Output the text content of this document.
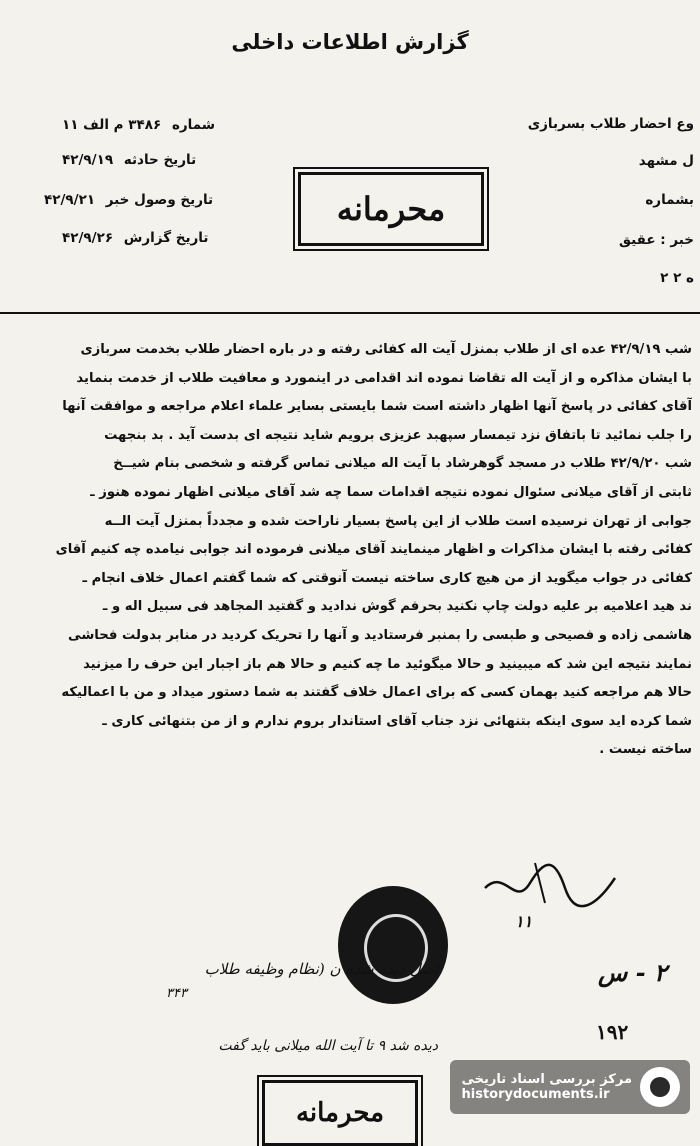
گزارش اطلاعات داخلی
وع احضار طلاب بسربازی
ل مشهد
بشماره
خبر : عقیق
ه ۲ ۲
شماره ۳۴۸۶ م الف ۱۱
تاریخ حادثه ۴۲/۹/۱۹
تاریخ وصول خبر ۴۲/۹/۲۱
تاریخ گزارش ۴۲/۹/۲۶
محرمانه
شب ۴۲/۹/۱۹ عده ای از طلاب بمنزل آیت اله کفائی رفته و در باره احضار طلاب بخدمت سربازی
با ایشان مذاکره و از آیت اله تقاضا نموده اند اقدامی در اینمورد و معافیت طلاب از خدمت بنماید
آقای کفائی در پاسخ آنها اظهار داشته است شما بایستی بسایر علماء اعلام مراجعه و موافقت آنها
را جلب نمائید تا باتفاق نزد تیمسار سپهبد عزیزی برویم شاید نتیجه ای بدست آید . بد بنجهت
شب ۴۲/۹/۲۰ طلاب در مسجد گوهرشاد با آیت اله میلانی تماس گرفته و شخصی بنام شیــخ
ثابتی از آقای میلانی سئوال نموده نتیجه اقدامات سما چه شد آقای میلانی اظهار نموده هنوز ـ
جوابی از تهران نرسیده است طلاب از این پاسخ بسیار ناراحت شده و مجدداً بمنزل آیت الــه
کفائی رفته با ایشان مذاکرات و اظهار مینمایند آقای میلانی فرموده اند جوابی نیامده چه کنیم آقای
کفائی در جواب میگوید از من هیچ کاری ساخته نیست آنوقتی که شما گفتم اعمال خلاف انجام ـ
ند هید اعلامیه بر علیه دولت چاپ نکنید بحرفم گوش ندادید و گفتید المجاهد فی سبیل اله و ـ
هاشمی زاده و فصیحی و طبسی را بمنبر فرستادید و آنها را تحریک کردید در منابر بدولت فحاشی
نمایند نتیجه این شد که میبینید و حالا میگوئید ما چه کنیم و حالا هم باز اجبار این حرف را میزنید
حالا هم مراجعه کنید بهمان کسی که برای اعمال خلاف گفتند به شما دستور میداد و من با اعمالیکه
شما کرده اید سوی اینکه بتنهائی نزد جناب آقای استاندار بروم ندارم و از من بتنهائی کاری ـ
ساخته نیست .
۱۱
اصل دیده شده ن (نظام وظیفه طلاب
۳۴۳
دیده شد ۹ تا آیت الله میلانی باید گفت
۲ - س
۱۹۲
محرمانه
مرکز بررسی اسناد تاریخی
historydocuments.ir
